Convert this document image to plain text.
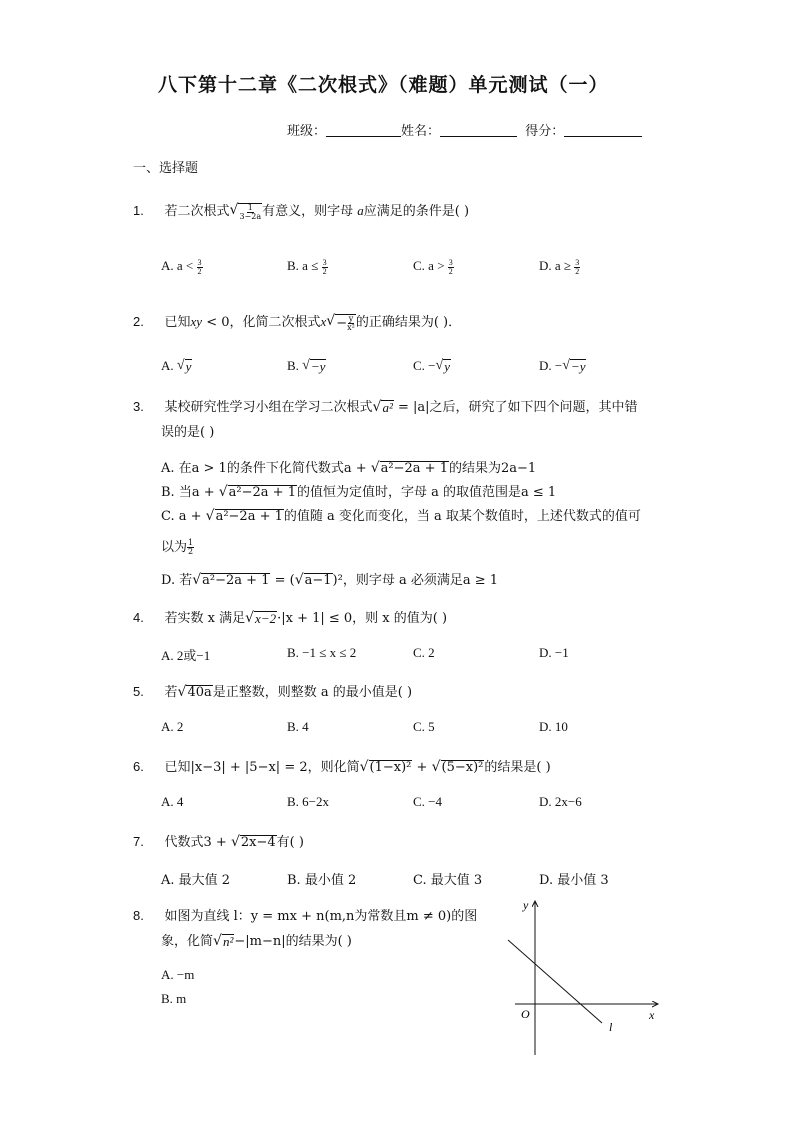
八下第十二章《二次根式》（难题）单元测试（一）
班级：	姓名：	得分：
一、选择题
1. 若二次根式 √ $\frac{1}{3-2a}$ 有意义，则字母 a应满足的条件是( )
A. $a < \frac{3}{2}$	B. $a \le \frac{3}{2}$	C. $a > \frac{3}{2}$	D. $a \ge \frac{3}{2}$
2. 已知xy < 0，化简二次根式x √ − $\frac{y}{\text{x²}}$ 的正确结果为( )．
A. √ y	B. √ −y	C. − √ y	D. − √ −y
3. 某校研究性学习小组在学习二次根式 √ a² = |a|之后，研究了如下四个问题，其中错
误的是( )
A. 在a > 1的条件下化简代数式a + √ a²−2a + 1 的结果为2a−1
B. 当a + √ a²−2a + 1 的值恒为定值时，字母 a 的取值范围是a ≤ 1
C. a + √ a²−2a + 1 的值随 a 变化而变化，当 a 取某个数值时，上述代数式的值可
以为 $\frac{1}{2}$
D. 若 √ a²−2a + 1 = ( √ a−1 )²，则字母 a 必须满足a ≥ 1
4. 若实数 x 满足 √ x−2 ·|x + 1| ≤ 0，则 x 的值为( )
A. 2或−1	B. −1 ≤ x ≤ 2	C. 2	D. −1
5. 若 √ 40a 是正整数，则整数 a 的最小值是( )
A. 2	B. 4	C. 5	D. 10
6. 已知|x−3| + |5−x| = 2，则化简 √ (1−x)² + √ (5−x)² 的结果是( )
A. 4	B. 6−2x	C. −4	D. 2x−6
7. 代数式3 + √ 2x−4 有( )
A. 最大值 2	B. 最小值 2	C. 最大值 3	D. 最小值 3
8. 如图为直线 l：y = mx + n(m,n为常数且m ≠ 0)的图
象，化简 √ n² −|m−n|的结果为( )
A. −m
B. m
y
x
O
l
